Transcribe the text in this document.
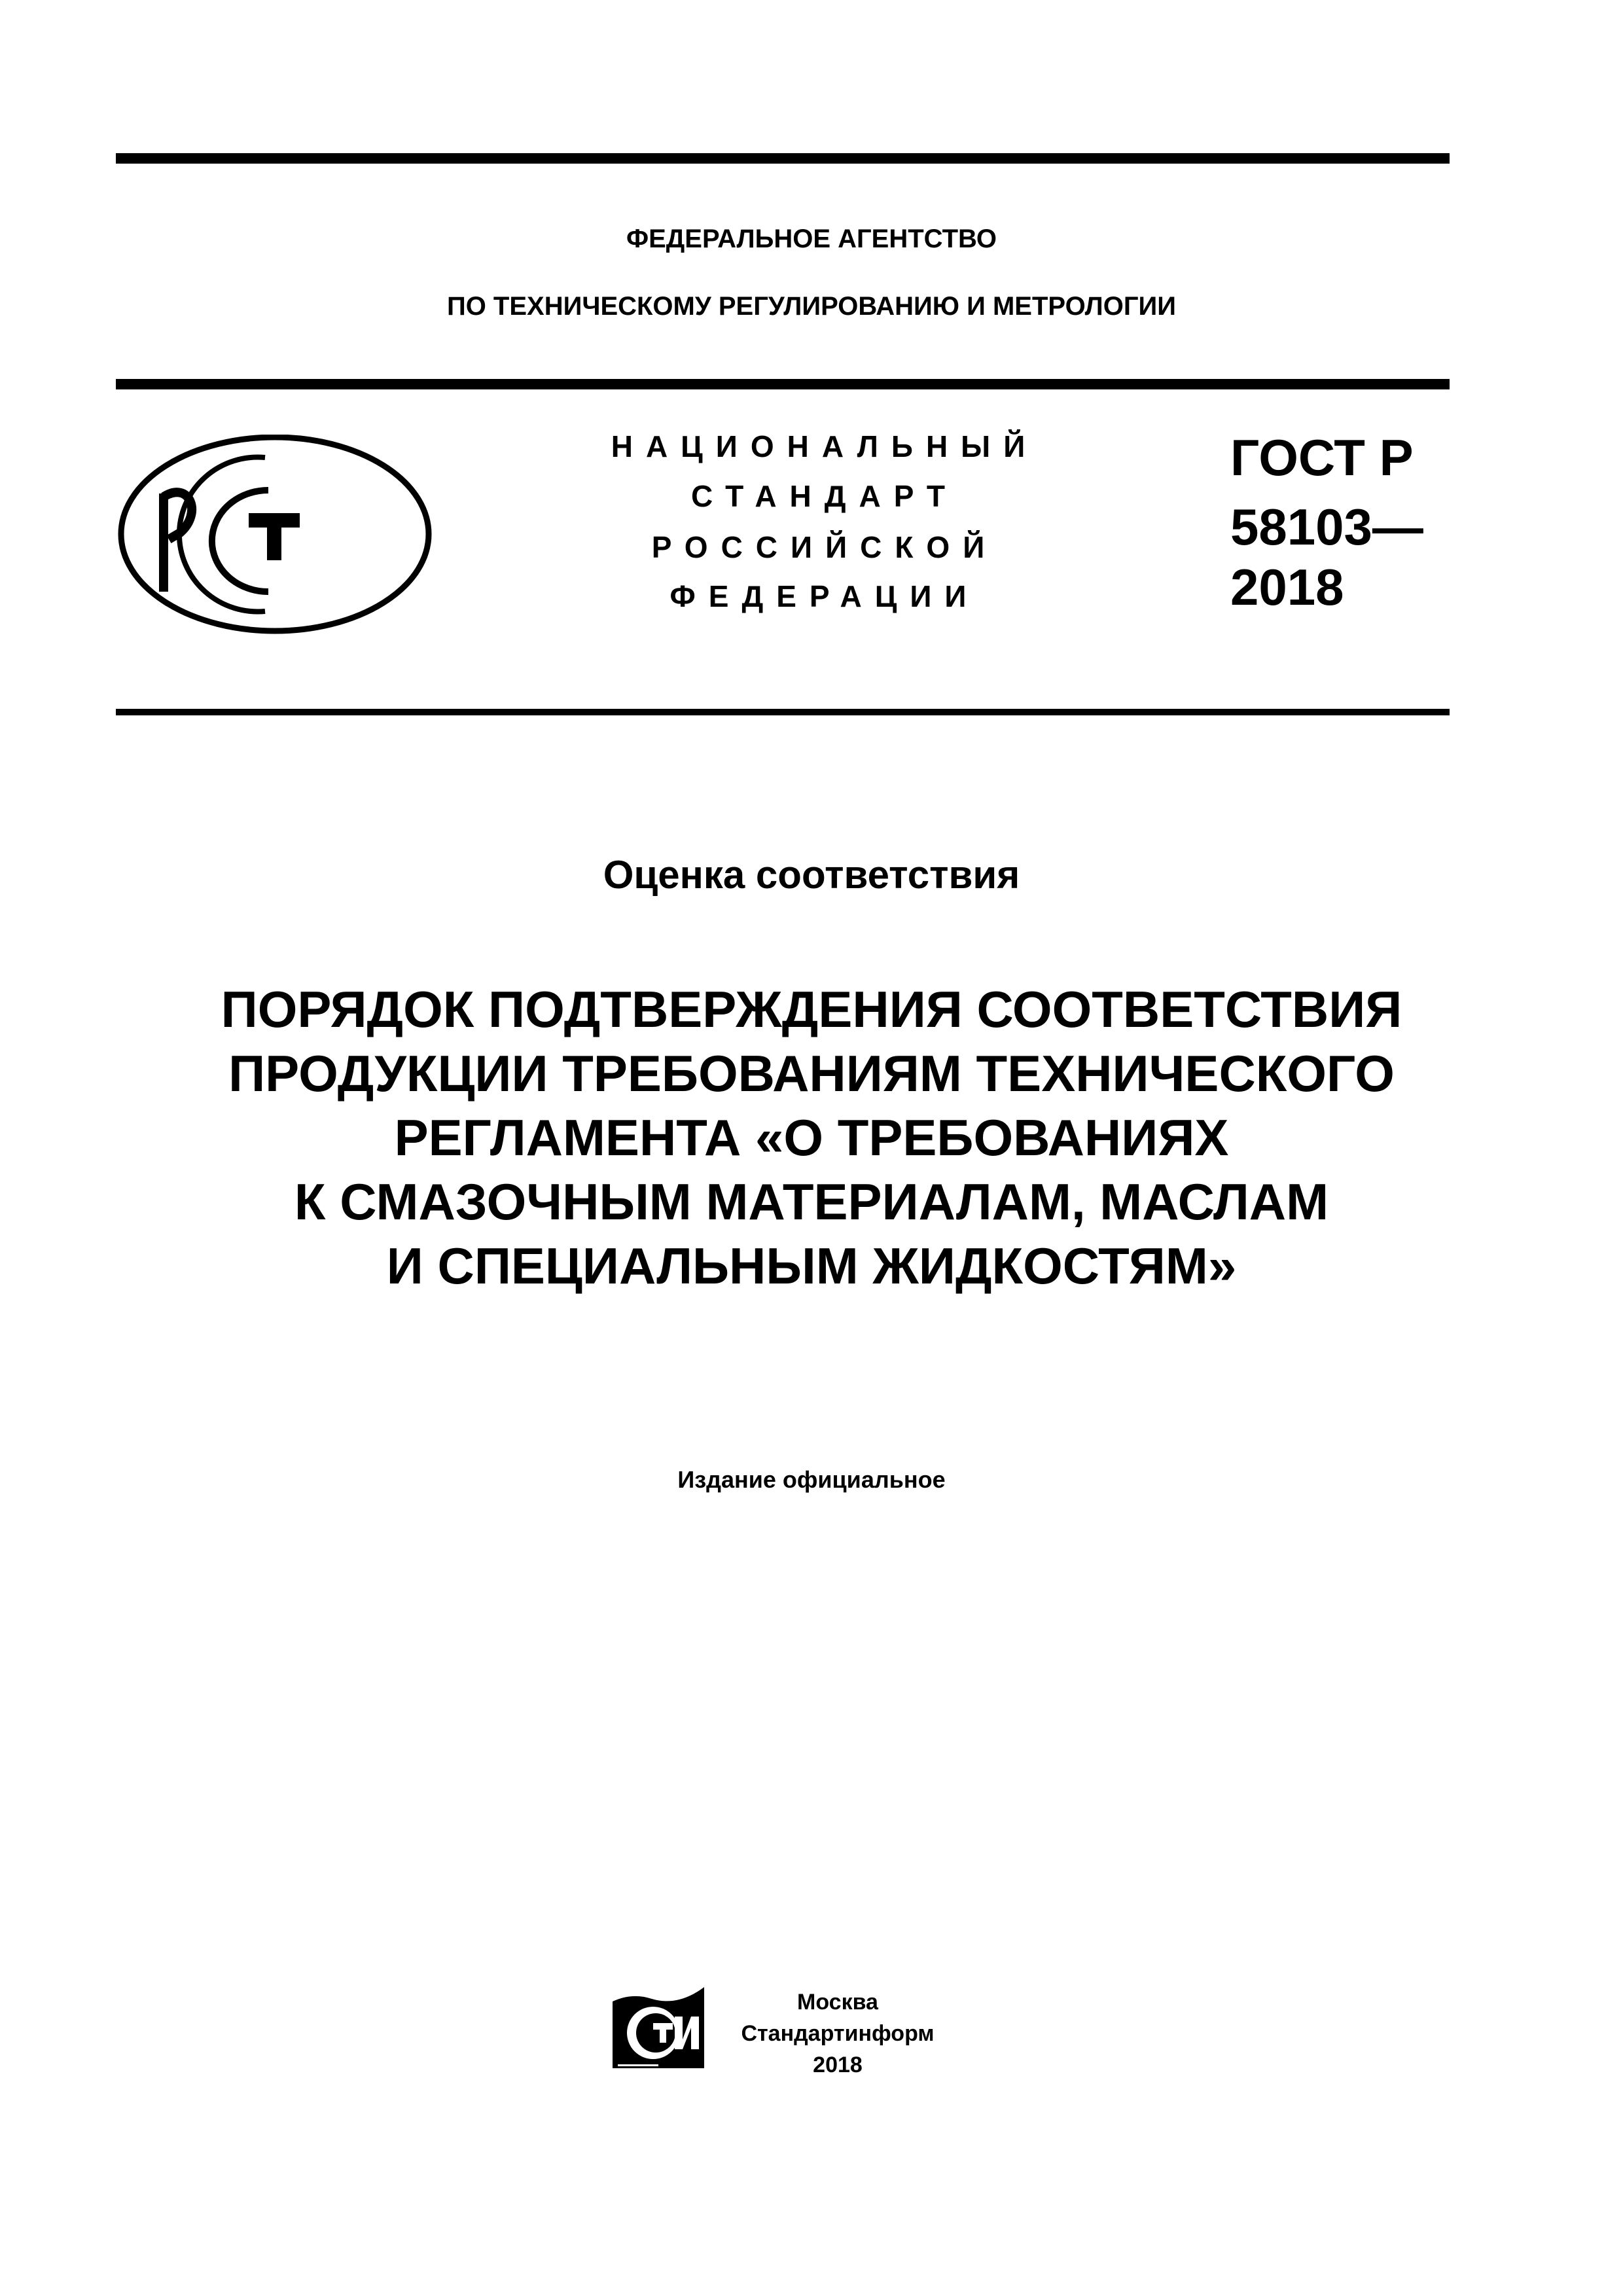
ФЕДЕРАЛЬНОЕ АГЕНТСТВО
ПО ТЕХНИЧЕСКОМУ РЕГУЛИРОВАНИЮ И МЕТРОЛОГИИ
НАЦИОНАЛЬНЫЙ
СТАНДАРТ
РОССИЙСКОЙ
ФЕДЕРАЦИИ
ГОСТ Р
58103—
2018
Оценка соответствия
ПОРЯДОК ПОДТВЕРЖДЕНИЯ СООТВЕТСТВИЯ
ПРОДУКЦИИ ТРЕБОВАНИЯМ ТЕХНИЧЕСКОГО
РЕГЛАМЕНТА «О ТРЕБОВАНИЯХ
К СМАЗОЧНЫМ МАТЕРИАЛАМ, МАСЛАМ
И СПЕЦИАЛЬНЫМ ЖИДКОСТЯМ»
Издание официальное
Москва
Стандартинформ
2018
